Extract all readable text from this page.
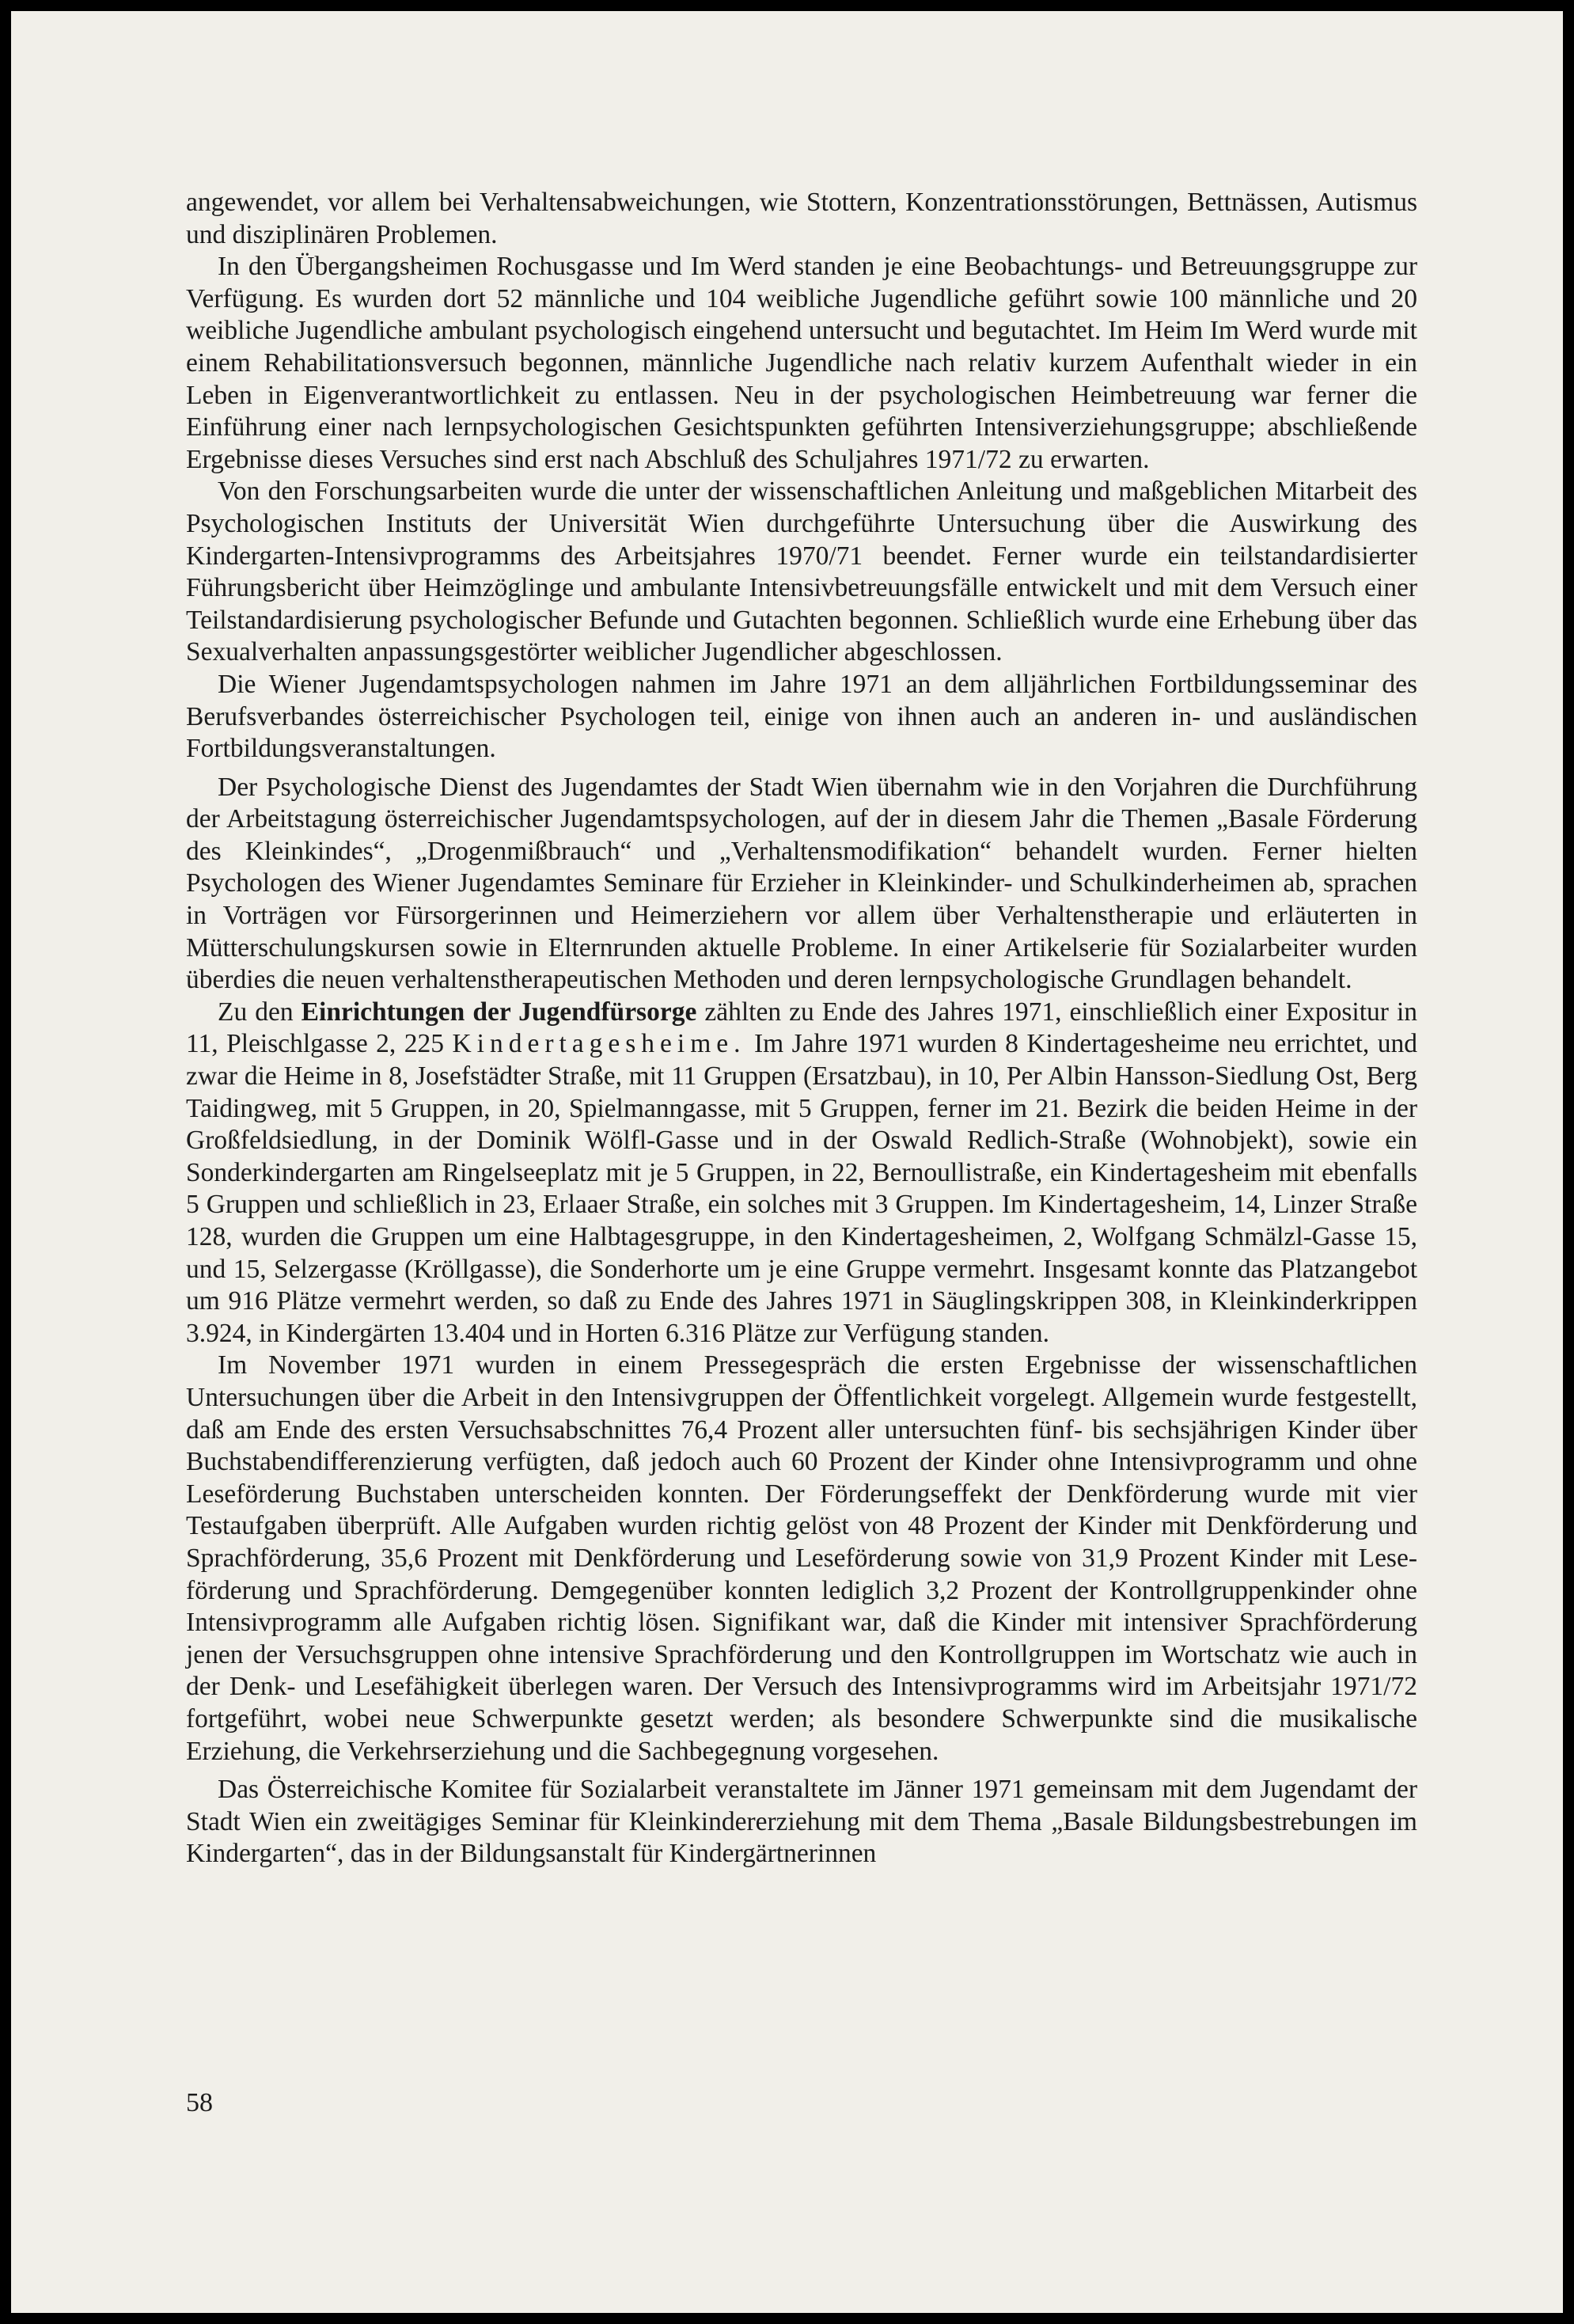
angewendet, vor allem bei Verhaltensabweichungen, wie Stottern, Konzentrationsstörungen, Bettnässen, Autismus und disziplinären Problemen.

In den Übergangsheimen Rochusgasse und Im Werd standen je eine Beobachtungs- und Betreuungsgruppe zur Verfügung. Es wurden dort 52 männliche und 104 weibliche Jugendliche geführt sowie 100 männliche und 20 weibliche Jugendliche ambulant psychologisch eingehend untersucht und begutachtet. Im Heim Im Werd wurde mit einem Rehabilitationsversuch begonnen, männliche Jugendliche nach relativ kurzem Aufenthalt wieder in ein Leben in Eigenverantwortlichkeit zu entlassen. Neu in der psychologischen Heimbetreuung war ferner die Einführung einer nach lernpsychologischen Gesichtspunkten geführten Intensiverziehungsgruppe; abschließende Ergebnisse dieses Versuches sind erst nach Abschluß des Schuljahres 1971/72 zu erwarten.

Von den Forschungsarbeiten wurde die unter der wissenschaftlichen Anleitung und maßgeblichen Mitarbeit des Psychologischen Instituts der Universität Wien durchgeführte Untersuchung über die Auswirkung des Kindergarten-Intensivprogramms des Arbeitsjahres 1970/71 beendet. Ferner wurde ein teilstandardisierter Führungsbericht über Heimzöglinge und ambulante Intensivbetreuungsfälle entwickelt und mit dem Versuch einer Teilstandardisierung psychologischer Befunde und Gutachten begonnen. Schließlich wurde eine Erhebung über das Sexualverhalten anpassungsgestörter weiblicher Jugendlicher abgeschlossen.

Die Wiener Jugendamtspsychologen nahmen im Jahre 1971 an dem alljährlichen Fortbildungsseminar des Berufsverbandes österreichischer Psychologen teil, einige von ihnen auch an anderen in- und ausländischen Fortbildungsveranstaltungen.

Der Psychologische Dienst des Jugendamtes der Stadt Wien übernahm wie in den Vorjahren die Durchführung der Arbeitstagung österreichischer Jugendamtspsychologen, auf der in diesem Jahr die Themen „Basale Förderung des Kleinkindes“, „Drogenmißbrauch“ und „Verhaltensmodifikation“ behandelt wurden. Ferner hielten Psychologen des Wiener Jugendamtes Seminare für Erzieher in Kleinkinder- und Schulkinderheimen ab, sprachen in Vorträgen vor Fürsorgerinnen und Heimerziehern vor allem über Verhaltenstherapie und erläuterten in Mütterschulungskursen sowie in Elternrunden aktuelle Probleme. In einer Artikelserie für Sozialarbeiter wurden überdies die neuen verhaltenstherapeutischen Methoden und deren lernpsychologische Grundlagen behandelt.

Zu den Einrichtungen der Jugendfürsorge zählten zu Ende des Jahres 1971, einschließlich einer Expositur in 11, Pleischlgasse 2, 225 Kindertagesheime. Im Jahre 1971 wurden 8 Kindertagesheime neu errichtet, und zwar die Heime in 8, Josefstädter Straße, mit 11 Gruppen (Ersatzbau), in 10, Per Albin Hansson-Siedlung Ost, Berg Taidingweg, mit 5 Gruppen, in 20, Spielmanngasse, mit 5 Gruppen, ferner im 21. Bezirk die beiden Heime in der Großfeldsiedlung, in der Dominik Wölfl-Gasse und in der Oswald Redlich-Straße (Wohnobjekt), sowie ein Sonderkindergarten am Ringelseeplatz mit je 5 Gruppen, in 22, Bernoullistraße, ein Kindertagesheim mit ebenfalls 5 Gruppen und schließlich in 23, Erlaaer Straße, ein solches mit 3 Gruppen. Im Kindertagesheim, 14, Linzer Straße 128, wurden die Gruppen um eine Halbtagesgruppe, in den Kindertagesheimen, 2, Wolfgang Schmälzl-Gasse 15, und 15, Selzergasse (Kröllgasse), die Sonderhorte um je eine Gruppe vermehrt. Insgesamt konnte das Platzangebot um 916 Plätze vermehrt werden, so daß zu Ende des Jahres 1971 in Säuglingskrippen 308, in Kleinkinderkrippen 3.924, in Kindergärten 13.404 und in Horten 6.316 Plätze zur Verfügung standen.

Im November 1971 wurden in einem Pressegespräch die ersten Ergebnisse der wissenschaftlichen Untersuchungen über die Arbeit in den Intensivgruppen der Öffentlichkeit vorgelegt. Allgemein wurde festgestellt, daß am Ende des ersten Versuchsabschnittes 76,4 Prozent aller untersuchten fünf- bis sechsjährigen Kinder über Buchstabendifferenzierung verfügten, daß jedoch auch 60 Prozent der Kinder ohne Intensivprogramm und ohne Leseförderung Buchstaben unterscheiden konnten. Der Förderungseffekt der Denkförderung wurde mit vier Testaufgaben überprüft. Alle Aufgaben wurden richtig gelöst von 48 Prozent der Kinder mit Denkförderung und Sprachförderung, 35,6 Prozent mit Denkförderung und Leseförderung sowie von 31,9 Prozent Kinder mit Leseförderung und Sprachförderung. Demgegenüber konnten lediglich 3,2 Prozent der Kontrollgruppenkinder ohne Intensivprogramm alle Aufgaben richtig lösen. Signifikant war, daß die Kinder mit intensiver Sprachförderung jenen der Versuchsgruppen ohne intensive Sprachförderung und den Kontrollgruppen im Wortschatz wie auch in der Denk- und Lesefähigkeit überlegen waren. Der Versuch des Intensivprogramms wird im Arbeitsjahr 1971/72 fortgeführt, wobei neue Schwerpunkte gesetzt werden; als besondere Schwerpunkte sind die musikalische Erziehung, die Verkehrserziehung und die Sachbegegnung vorgesehen.

Das Österreichische Komitee für Sozialarbeit veranstaltete im Jänner 1971 gemeinsam mit dem Jugendamt der Stadt Wien ein zweitägiges Seminar für Kleinkindererziehung mit dem Thema „Basale Bildungsbestrebungen im Kindergarten“, das in der Bildungsanstalt für Kindergärtnerinnen

58
